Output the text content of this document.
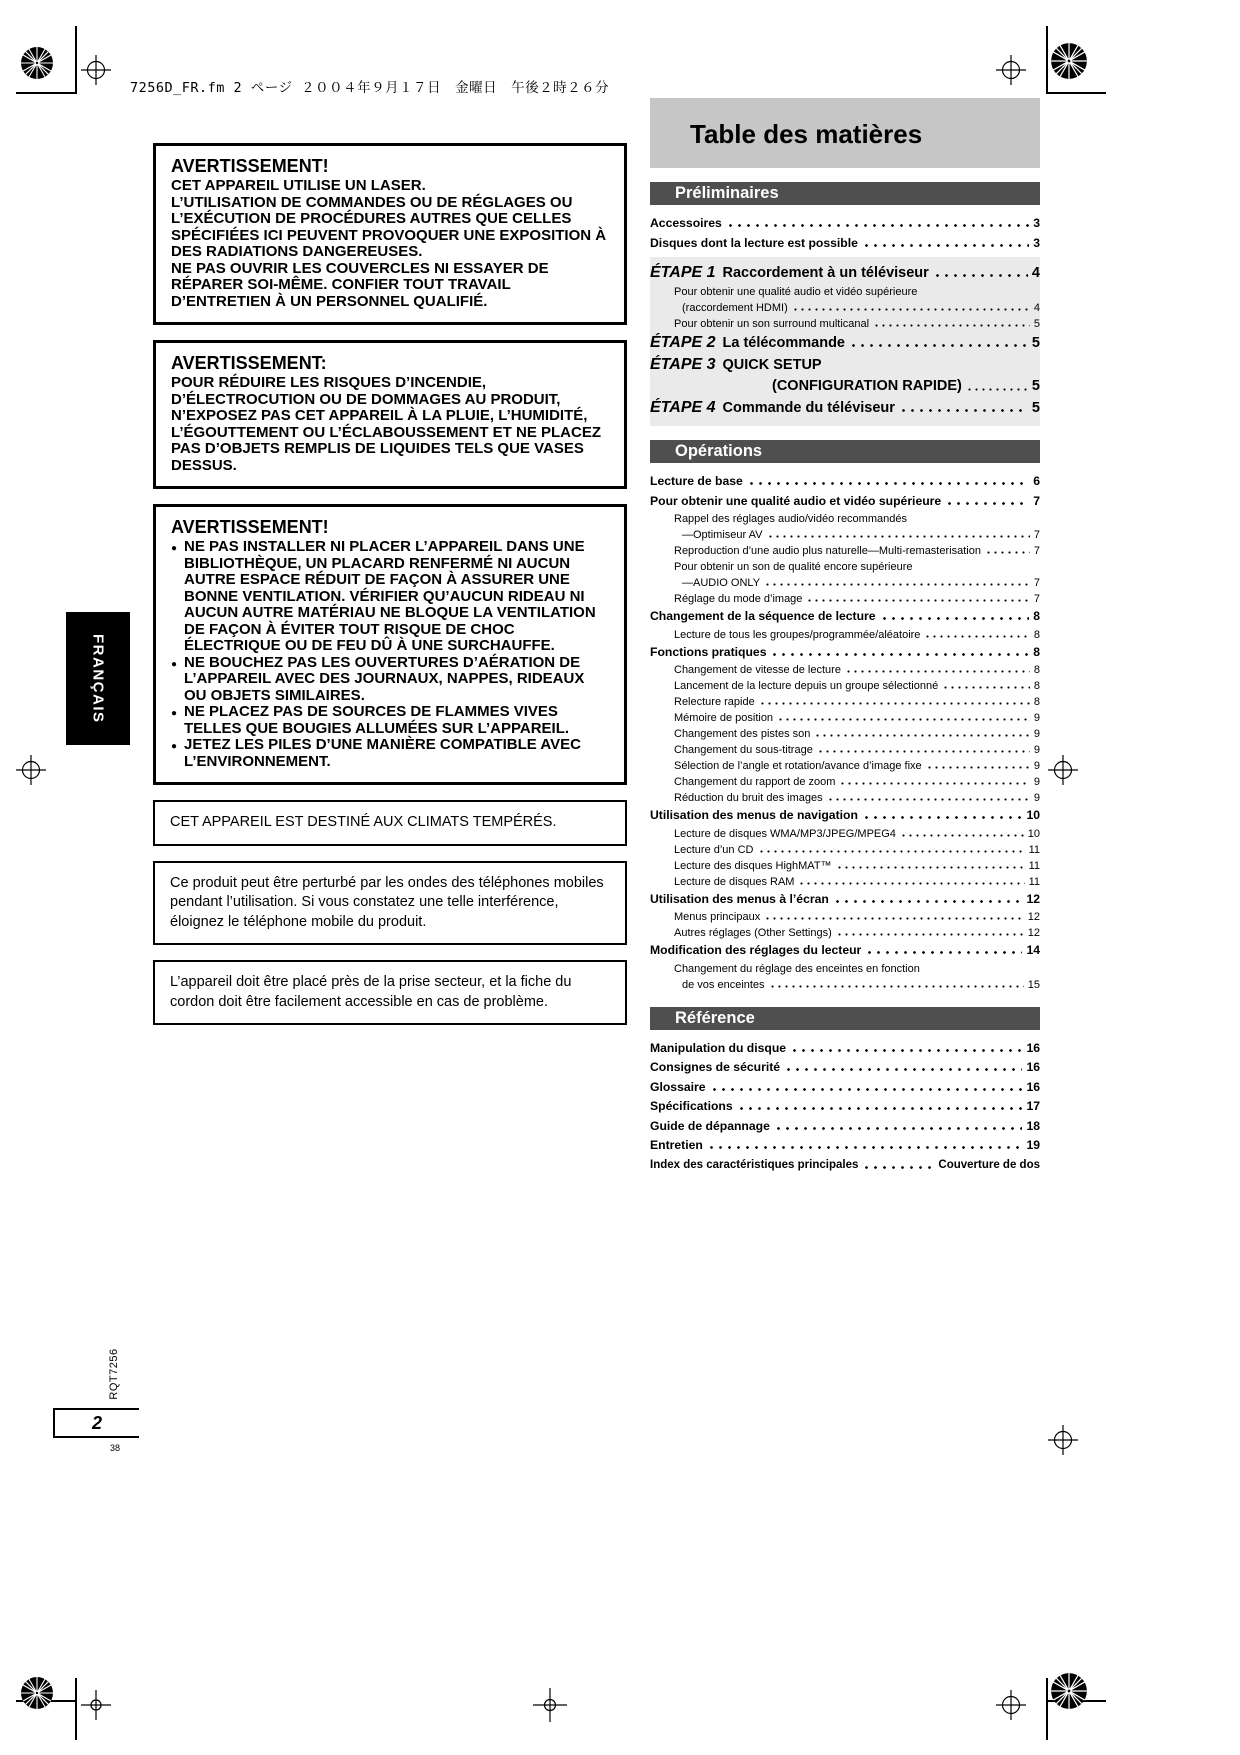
7256D_FR.fm 2 ページ ２００４年９月１７日　金曜日　午後２時２６分
AVERTISSEMENT!
CET APPAREIL UTILISE UN LASER.
L’UTILISATION DE COMMANDES OU DE RÉGLAGES OU L’EXÉCUTION DE PROCÉDURES AUTRES QUE CELLES SPÉCIFIÉES ICI PEUVENT PROVOQUER UNE EXPOSITION À DES RADIATIONS DANGEREUSES.
NE PAS OUVRIR LES COUVERCLES NI ESSAYER DE RÉPARER SOI-MÊME. CONFIER TOUT TRAVAIL D’ENTRETIEN À UN PERSONNEL QUALIFIÉ.
AVERTISSEMENT:
POUR RÉDUIRE LES RISQUES D’INCENDIE, D’ÉLECTROCUTION OU DE DOMMAGES AU PRODUIT, N’EXPOSEZ PAS CET APPAREIL À LA PLUIE, L’HUMIDITÉ, L’ÉGOUTTEMENT OU L’ÉCLABOUSSEMENT ET NE PLACEZ PAS D’OBJETS REMPLIS DE LIQUIDES TELS QUE VASES DESSUS.
AVERTISSEMENT!
● NE PAS INSTALLER NI PLACER L’APPAREIL DANS UNE BIBLIOTHÈQUE, UN PLACARD RENFERMÉ NI AUCUN AUTRE ESPACE RÉDUIT DE FAÇON À ASSURER UNE BONNE VENTILATION. VÉRIFIER QU’AUCUN RIDEAU NI AUCUN AUTRE MATÉRIAU NE BLOQUE LA VENTILATION DE FAÇON À ÉVITER TOUT RISQUE DE CHOC ÉLECTRIQUE OU DE FEU DÛ À UNE SURCHAUFFE.
● NE BOUCHEZ PAS LES OUVERTURES D’AÉRATION DE L’APPAREIL AVEC DES JOURNAUX, NAPPES, RIDEAUX OU OBJETS SIMILAIRES.
● NE PLACEZ PAS DE SOURCES DE FLAMMES VIVES TELLES QUE BOUGIES ALLUMÉES SUR L’APPAREIL.
● JETEZ LES PILES D’UNE MANIÈRE COMPATIBLE AVEC L’ENVIRONNEMENT.
CET APPAREIL EST DESTINÉ AUX CLIMATS TEMPÉRÉS.
Ce produit peut être perturbé par les ondes des téléphones mobiles pendant l’utilisation. Si vous constatez une telle interférence, éloignez le téléphone mobile du produit.
L’appareil doit être placé près de la prise secteur, et la fiche du cordon doit être facilement accessible en cas de problème.
FRANÇAIS
Table des matières
Préliminaires
Accessoires	3
Disques dont la lecture est possible	3
ÉTAPE 1 Raccordement à un téléviseur	4
Pour obtenir une qualité audio et vidéo supérieure
(raccordement HDMI)	4
Pour obtenir un son surround multicanal	5
ÉTAPE 2 La télécommande	5
ÉTAPE 3 QUICK SETUP
(CONFIGURATION RAPIDE)	5
ÉTAPE 4 Commande du téléviseur	5
Opérations
Lecture de base	6
Pour obtenir une qualité audio et vidéo supérieure	7
Rappel des réglages audio/vidéo recommandés
—Optimiseur AV	7
Reproduction d’une audio plus naturelle—Multi-remasterisation	7
Pour obtenir un son de qualité encore supérieure
—AUDIO ONLY	7
Réglage du mode d’image	7
Changement de la séquence de lecture	8
Lecture de tous les groupes/programmée/aléatoire	8
Fonctions pratiques	8
Changement de vitesse de lecture	8
Lancement de la lecture depuis un groupe sélectionné	8
Relecture rapide	8
Mémoire de position	9
Changement des pistes son	9
Changement du sous-titrage	9
Sélection de l’angle et rotation/avance d’image fixe	9
Changement du rapport de zoom	9
Réduction du bruit des images	9
Utilisation des menus de navigation	10
Lecture de disques WMA/MP3/JPEG/MPEG4	10
Lecture d’un CD	11
Lecture des disques HighMAT™	11
Lecture de disques RAM	11
Utilisation des menus à l’écran	12
Menus principaux	12
Autres réglages (Other Settings)	12
Modification des réglages du lecteur	14
Changement du réglage des enceintes en fonction
de vos enceintes	15
Référence
Manipulation du disque	16
Consignes de sécurité	16
Glossaire	16
Spécifications	17
Guide de dépannage	18
Entretien	19
Index des caractéristiques principales	Couverture de dos
RQT7256
2
38
